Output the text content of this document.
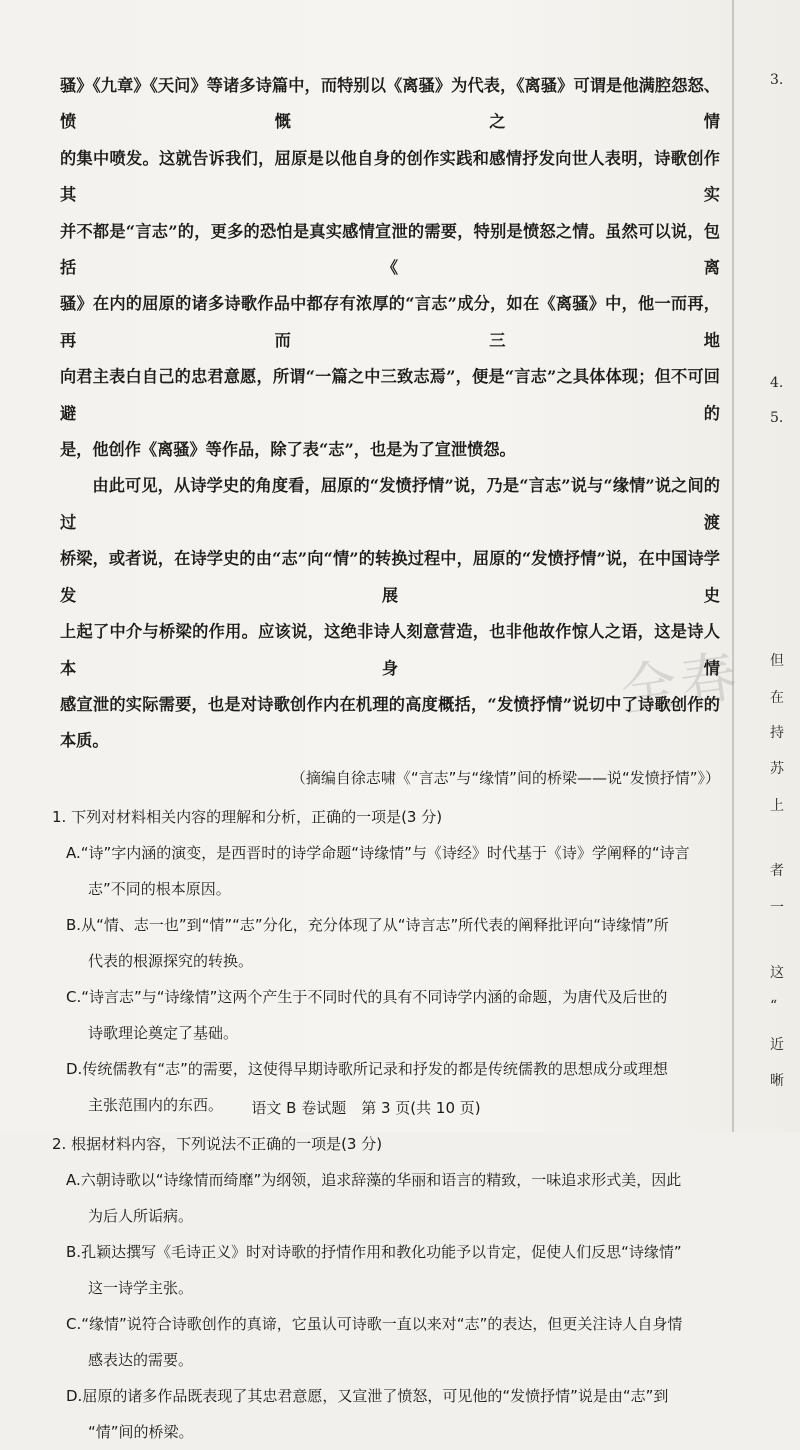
全春

骚》《九章》《天问》等诸多诗篇中，而特别以《离骚》为代表，《离骚》可谓是他满腔怨怒、愤慨之情

的集中喷发。这就告诉我们，屈原是以他自身的创作实践和感情抒发向世人表明，诗歌创作其实

并不都是“言志”的，更多的恐怕是真实感情宣泄的需要，特别是愤怒之情。虽然可以说，包括《离

骚》在内的屈原的诸多诗歌作品中都存有浓厚的“言志”成分，如在《离骚》中，他一而再，再而三地

向君主表白自己的忠君意愿，所谓“一篇之中三致志焉”，便是“言志”之具体体现；但不可回避的

是，他创作《离骚》等作品，除了表“志”，也是为了宣泄愤怨。

由此可见，从诗学史的角度看，屈原的“发愤抒情”说，乃是“言志”说与“缘情”说之间的过渡

桥梁，或者说，在诗学史的由“志”向“情”的转换过程中，屈原的“发愤抒情”说，在中国诗学发展史

上起了中介与桥梁的作用。应该说，这绝非诗人刻意营造，也非他故作惊人之语，这是诗人本身情

感宣泄的实际需要，也是对诗歌创作内在机理的高度概括，“发愤抒情”说切中了诗歌创作的

本质。

（摘编自徐志啸《“言志”与“缘情”间的桥梁——说“发愤抒情”》）

1. 下列对材料相关内容的理解和分析，正确的一项是(3 分)

A.“诗”字内涵的演变，是西晋时的诗学命题“诗缘情”与《诗经》时代基于《诗》学阐释的“诗言

志”不同的根本原因。

B.从“情、志一也”到“情”“志”分化，充分体现了从“诗言志”所代表的阐释批评向“诗缘情”所

代表的根源探究的转换。

C.“诗言志”与“诗缘情”这两个产生于不同时代的具有不同诗学内涵的命题，为唐代及后世的

诗歌理论奠定了基础。

D.传统儒教有“志”的需要，这使得早期诗歌所记录和抒发的都是传统儒教的思想成分或理想

主张范围内的东西。

2. 根据材料内容，下列说法不正确的一项是(3 分)

A.六朝诗歌以“诗缘情而绮靡”为纲领，追求辞藻的华丽和语言的精致，一味追求形式美，因此

为后人所诟病。

B.孔颖达撰写《毛诗正义》时对诗歌的抒情作用和教化功能予以肯定，促使人们反思“诗缘情”

这一诗学主张。

C.“缘情”说符合诗歌创作的真谛，它虽认可诗歌一直以来对“志”的表达，但更关注诗人自身情

感表达的需要。

D.屈原的诸多作品既表现了其忠君意愿，又宣泄了愤怒，可见他的“发愤抒情”说是由“志”到

“情”间的桥梁。

语文 B 卷试题　第 3 页(共 10 页)
3.
4.
5.
但
在
持
苏
上
者
一
这
“
近
晰
